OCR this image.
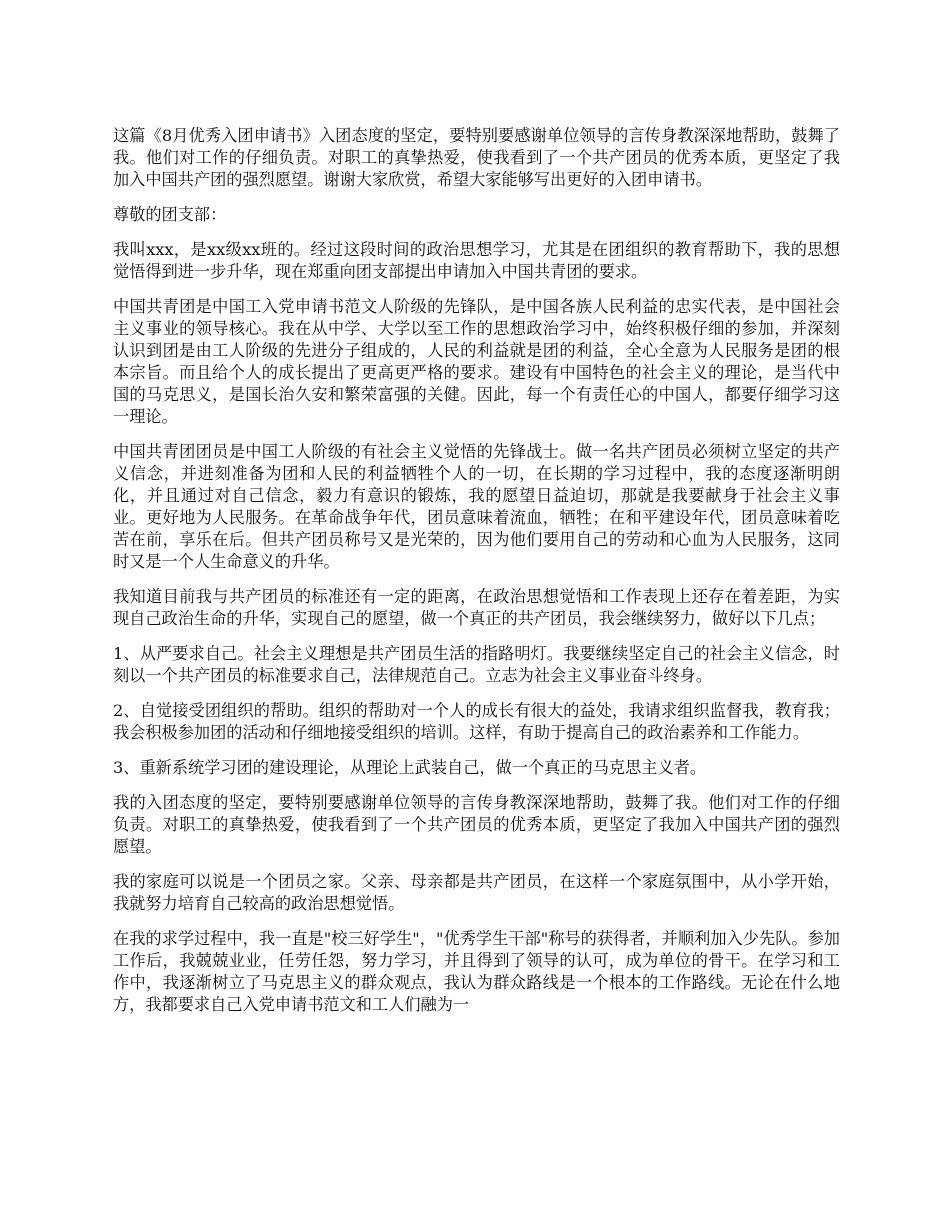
这篇《8月优秀入团申请书》入团态度的坚定，要特别要感谢单位领导的言传身教深深地帮助，鼓舞了我。他们对工作的仔细负责。对职工的真挚热爱，使我看到了一个共产团员的优秀本质，更坚定了我加入中国共产团的强烈愿望。谢谢大家欣赏，希望大家能够写出更好的入团申请书。

尊敬的团支部：

我叫xxx，是xx级xx班的。经过这段时间的政治思想学习，尤其是在团组织的教育帮助下，我的思想觉悟得到进一步升华，现在郑重向团支部提出申请加入中国共青团的要求。

中国共青团是中国工入党申请书范文人阶级的先锋队，是中国各族人民利益的忠实代表，是中国社会主义事业的领导核心。我在从中学、大学以至工作的思想政治学习中，始终积极仔细的参加，并深刻认识到团是由工人阶级的先进分子组成的，人民的利益就是团的利益，全心全意为人民服务是团的根本宗旨。而且给个人的成长提出了更高更严格的要求。建设有中国特色的社会主义的理论，是当代中国的马克思义，是国长治久安和繁荣富强的关健。因此，每一个有责任心的中国人，都要仔细学习这一理论。

中国共青团团员是中国工人阶级的有社会主义觉悟的先锋战士。做一名共产团员必须树立坚定的共产义信念，并进刻准备为团和人民的利益牺牲个人的一切，在长期的学习过程中，我的态度逐渐明朗化，并且通过对自己信念，毅力有意识的锻炼，我的愿望日益迫切，那就是我要献身于社会主义事业。更好地为人民服务。在革命战争年代，团员意味着流血，牺牲；在和平建设年代，团员意味着吃苦在前，享乐在后。但共产团员称号又是光荣的，因为他们要用自己的劳动和心血为人民服务，这同时又是一个人生命意义的升华。

我知道目前我与共产团员的标准还有一定的距离，在政治思想觉悟和工作表现上还存在着差距，为实现自己政治生命的升华，实现自己的愿望，做一个真正的共产团员，我会继续努力，做好以下几点；

1、从严要求自己。社会主义理想是共产团员生活的指路明灯。我要继续坚定自己的社会主义信念，时刻以一个共产团员的标准要求自己，法律规范自己。立志为社会主义事业奋斗终身。

2、自觉接受团组织的帮助。组织的帮助对一个人的成长有很大的益处，我请求组织监督我，教育我；我会积极参加团的活动和仔细地接受组织的培训。这样，有助于提高自己的政治素养和工作能力。

3、重新系统学习团的建设理论，从理论上武装自己，做一个真正的马克思主义者。

我的入团态度的坚定，要特别要感谢单位领导的言传身教深深地帮助，鼓舞了我。他们对工作的仔细负责。对职工的真挚热爱，使我看到了一个共产团员的优秀本质，更坚定了我加入中国共产团的强烈愿望。

我的家庭可以说是一个团员之家。父亲、母亲都是共产团员，在这样一个家庭氛围中，从小学开始，我就努力培育自己较高的政治思想觉悟。

在我的求学过程中，我一直是"校三好学生"，"优秀学生干部"称号的获得者，并顺利加入少先队。参加工作后，我兢兢业业，任劳任怨，努力学习，并且得到了领导的认可，成为单位的骨干。在学习和工作中，我逐渐树立了马克思主义的群众观点，我认为群众路线是一个根本的工作路线。无论在什么地方，我都要求自己入党申请书范文和工人们融为一
